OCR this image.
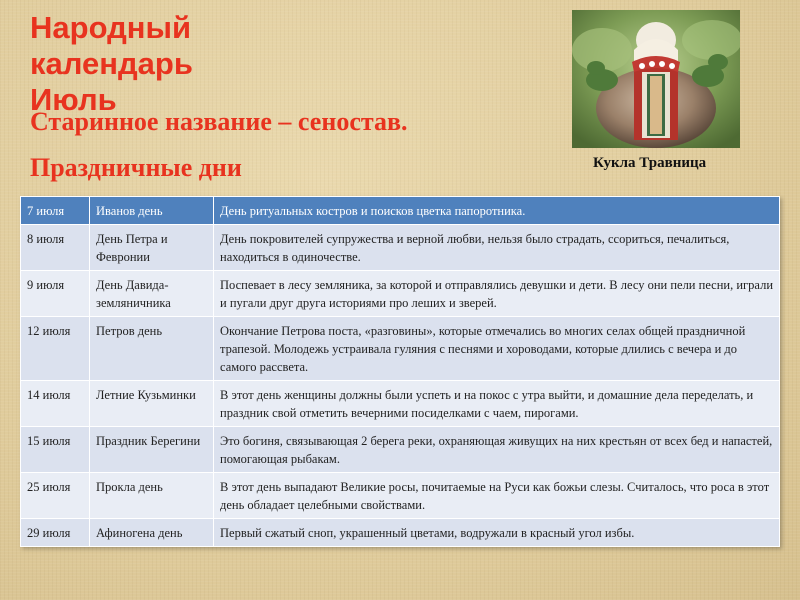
Народный
календарь
Июль
Старинное название – сеностав.
Праздничные дни	Кукла Травница
7 июля	Иванов день	День ритуальных костров и поисков цветка папоротника.
8 июля	День Петра и Февронии	День покровителей супружества и верной любви, нельзя было страдать, ссориться, печалиться, находиться в одиночестве.
9 июля	День Давида-земляничника	Поспевает в лесу земляника, за которой и отправлялись девушки и дети. В лесу они пели песни, играли и пугали друг друга историями про леших и зверей.
12 июля	Петров день	Окончание Петрова поста, «разговины», которые отмечались во многих селах общей праздничной трапезой. Молодежь устраивала гуляния с песнями и хороводами, которые длились с вечера и до самого рассвета.
14 июля	Летние Кузьминки	В этот день женщины должны были успеть и на покос с утра выйти, и домашние дела переделать, и праздник свой отметить вечерними посиделками с чаем, пирогами.
15 июля	Праздник Берегини	Это богиня, связывающая 2 берега реки, охраняющая живущих на них крестьян от всех бед и напастей, помогающая рыбакам.
25 июля	Прокла день	В этот день выпадают Великие росы, почитаемые на Руси как божьи слезы. Считалось, что роса в этот день обладает целебными свойствами.
29 июля	Афиногена день	Первый сжатый сноп, украшенный цветами, водружали в красный угол избы.
